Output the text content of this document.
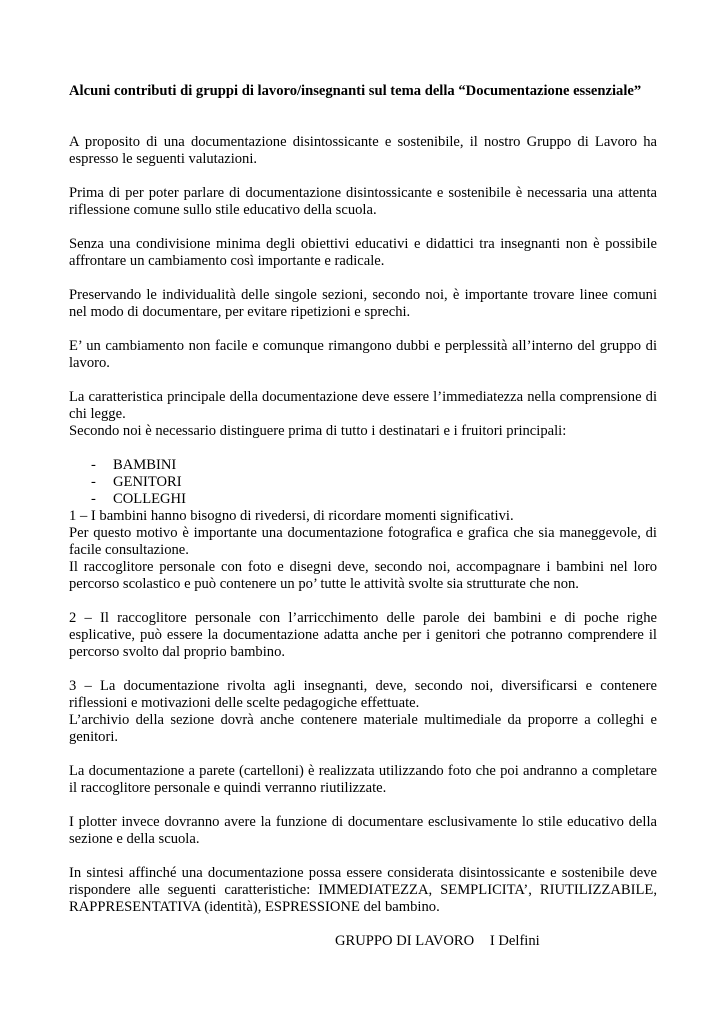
Alcuni contributi di gruppi di lavoro/insegnanti sul tema della “Documentazione essenziale”

A proposito di una documentazione disintossicante e sostenibile, il nostro Gruppo di Lavoro ha espresso le seguenti valutazioni.

Prima di per poter parlare di documentazione disintossicante e sostenibile è necessaria una attenta riflessione comune sullo stile educativo della scuola.

Senza una condivisione minima degli obiettivi educativi e didattici tra insegnanti non è possibile affrontare un cambiamento così importante e radicale.

Preservando le individualità delle singole sezioni, secondo noi, è importante trovare linee comuni nel modo di documentare, per evitare ripetizioni e sprechi.

E’ un cambiamento non facile e comunque rimangono dubbi e perplessità all’interno del gruppo di lavoro.

La caratteristica principale della documentazione deve essere l’immediatezza nella comprensione di chi legge.

Secondo noi è necessario distinguere prima di tutto i destinatari e i fruitori principali:

- BAMBINI
- GENITORI
- COLLEGHI

1 – I bambini hanno bisogno di rivedersi, di ricordare momenti significativi.

Per questo motivo è importante una documentazione fotografica e grafica che sia maneggevole, di facile consultazione.

Il raccoglitore personale con foto e disegni deve, secondo noi, accompagnare i bambini nel loro percorso scolastico e può contenere un po’ tutte le attività svolte sia strutturate che non.

2 – Il raccoglitore personale con l’arricchimento delle parole dei bambini e di poche righe esplicative, può essere la documentazione adatta anche per i genitori che potranno comprendere il percorso svolto dal proprio bambino.

3 – La documentazione rivolta agli insegnanti, deve, secondo noi, diversificarsi e contenere riflessioni e motivazioni delle scelte pedagogiche effettuate.

L’archivio della sezione dovrà anche contenere materiale multimediale da proporre a colleghi e genitori.

La documentazione a parete (cartelloni) è realizzata utilizzando foto che poi andranno a completare il raccoglitore personale e quindi verranno riutilizzate.

I plotter invece dovranno avere la funzione di documentare esclusivamente lo stile educativo della sezione e della scuola.

In sintesi affinché una documentazione possa essere considerata disintossicante e sostenibile deve rispondere alle seguenti caratteristiche: IMMEDIATEZZA, SEMPLICITA’, RIUTILIZZABILE, RAPPRESENTATIVA (identità), ESPRESSIONE del bambino.

GRUPPO DI LAVORO I Delfini
